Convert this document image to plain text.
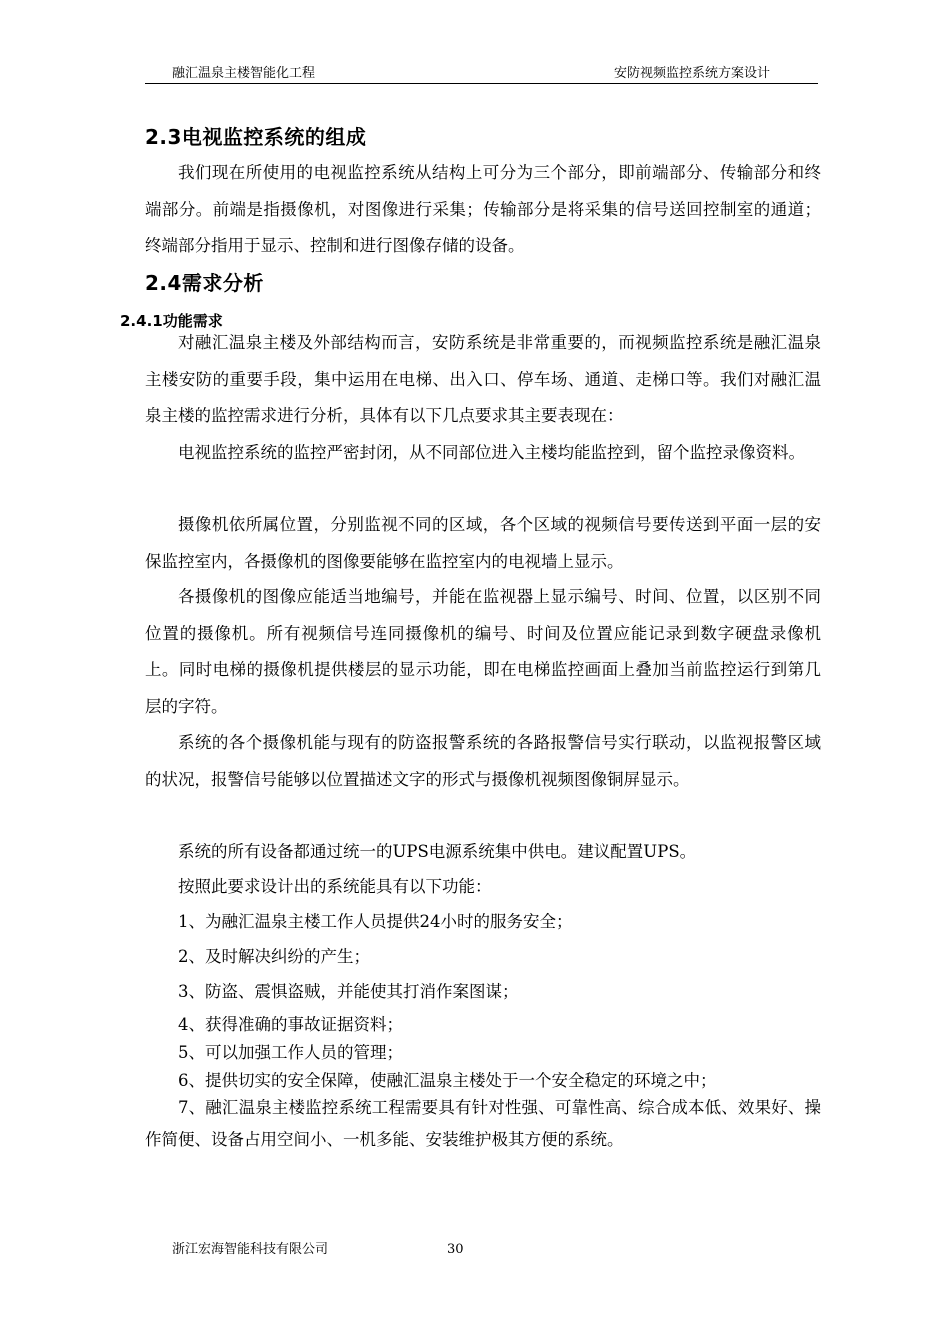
融汇温泉主楼智能化工程	安防视频监控系统方案设计
2.3电视监控系统的组成

我们现在所使用的电视监控系统从结构上可分为三个部分，即前端部分、传输部分和终端部分。前端是指摄像机，对图像进行采集；传输部分是将采集的信号送回控制室的通道；终端部分指用于显示、控制和进行图像存储的设备。

2.4需求分析
2.4.1功能需求

对融汇温泉主楼及外部结构而言，安防系统是非常重要的，而视频监控系统是融汇温泉主楼安防的重要手段，集中运用在电梯、出入口、停车场、通道、走梯口等。我们对融汇温泉主楼的监控需求进行分析，具体有以下几点要求其主要表现在：

电视监控系统的监控严密封闭，从不同部位进入主楼均能监控到，留个监控录像资料。

摄像机依所属位置，分别监视不同的区域，各个区域的视频信号要传送到平面一层的安保监控室内，各摄像机的图像要能够在监控室内的电视墙上显示。

各摄像机的图像应能适当地编号，并能在监视器上显示编号、时间、位置，以区别不同位置的摄像机。所有视频信号连同摄像机的编号、时间及位置应能记录到数字硬盘录像机上。同时电梯的摄像机提供楼层的显示功能，即在电梯监控画面上叠加当前监控运行到第几层的字符。

系统的各个摄像机能与现有的防盗报警系统的各路报警信号实行联动，以监视报警区域的状况，报警信号能够以位置描述文字的形式与摄像机视频图像铜屏显示。

系统的所有设备都通过统一的UPS电源系统集中供电。建议配置UPS。

按照此要求设计出的系统能具有以下功能：

1、为融汇温泉主楼工作人员提供24小时的服务安全；

2、及时解决纠纷的产生；

3、防盗、震惧盗贼，并能使其打消作案图谋；

4、获得准确的事故证据资料；

5、可以加强工作人员的管理；

6、提供切实的安全保障，使融汇温泉主楼处于一个安全稳定的环境之中；

7、融汇温泉主楼监控系统工程需要具有针对性强、可靠性高、综合成本低、效果好、操作简便、设备占用空间小、一机多能、安装维护极其方便的系统。

浙江宏海智能科技有限公司	30
